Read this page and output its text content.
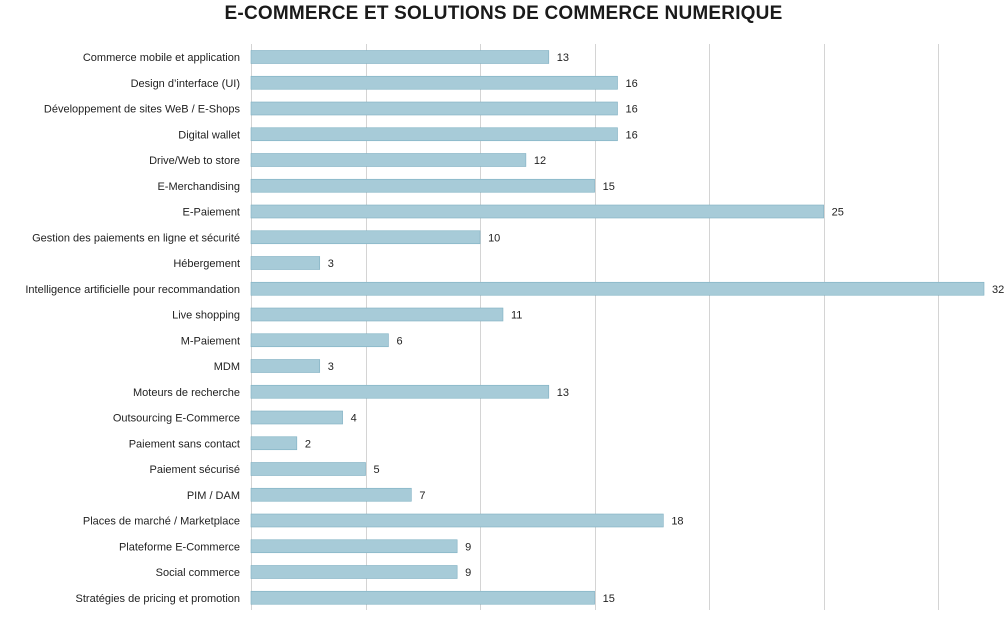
E-COMMERCE ET SOLUTIONS DE COMMERCE NUMERIQUE
Commerce mobile et application
Design d’interface (UI)
Développement de sites WeB / E-Shops
Digital wallet
Drive/Web to store
E-Merchandising
E-Paiement
Gestion des paiements en ligne et sécurité
Hébergement
Intelligence artificielle pour recommandation
Live shopping
M-Paiement
MDM
Moteurs de recherche
Outsourcing E-Commerce
Paiement sans contact
Paiement sécurisé
PIM / DAM
Places de marché / Marketplace
Plateforme E-Commerce
Social commerce
Stratégies de pricing et promotion
13
16
16
16
12
15
25
10
3
32
11
6
3
13
4
2
5
7
18
9
9
15
